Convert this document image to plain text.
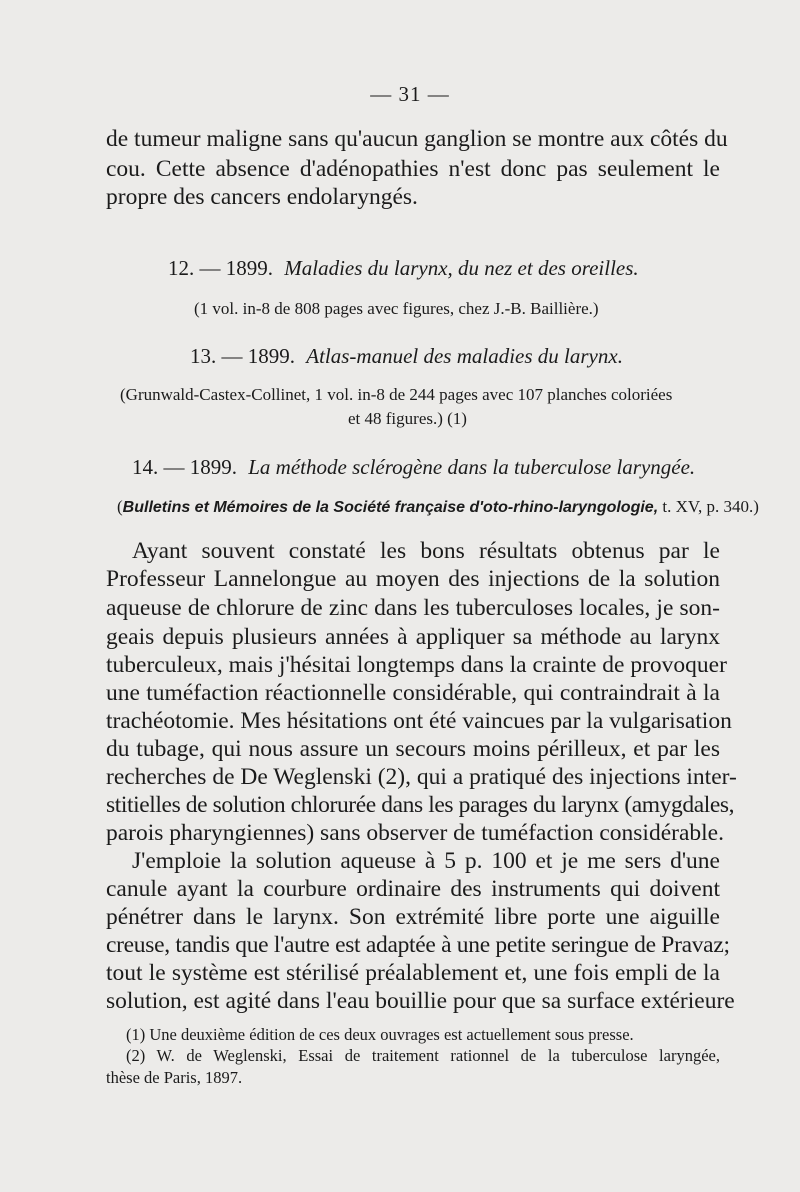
— 31 —
de tumeur maligne sans qu'aucun ganglion se montre aux côtés du
cou. Cette absence d'adénopathies n'est donc pas seulement le
propre des cancers endolaryngés.
12. — 1899. Maladies du larynx, du nez et des oreilles.
(1 vol. in-8 de 808 pages avec figures, chez J.-B. Baillière.)
13. — 1899. Atlas-manuel des maladies du larynx.
(Grunwald-Castex-Collinet, 1 vol. in-8 de 244 pages avec 107 planches coloriées
et 48 figures.) (1)
14. — 1899. La méthode sclérogène dans la tuberculose laryngée.
(Bulletins et Mémoires de la Société française d'oto-rhino-laryngologie, t. XV, p. 340.)
Ayant souvent constaté les bons résultats obtenus par le
Professeur Lannelongue au moyen des injections de la solution
aqueuse de chlorure de zinc dans les tuberculoses locales, je son-
geais depuis plusieurs années à appliquer sa méthode au larynx
tuberculeux, mais j'hésitai longtemps dans la crainte de provoquer
une tuméfaction réactionnelle considérable, qui contraindrait à la
trachéotomie. Mes hésitations ont été vaincues par la vulgarisation
du tubage, qui nous assure un secours moins périlleux, et par les
recherches de De Weglenski (2), qui a pratiqué des injections inter-
stitielles de solution chlorurée dans les parages du larynx (amygdales,
parois pharyngiennes) sans observer de tuméfaction considérable.
J'emploie la solution aqueuse à 5 p. 100 et je me sers d'une
canule ayant la courbure ordinaire des instruments qui doivent
pénétrer dans le larynx. Son extrémité libre porte une aiguille
creuse, tandis que l'autre est adaptée à une petite seringue de Pravaz;
tout le système est stérilisé préalablement et, une fois empli de la
solution, est agité dans l'eau bouillie pour que sa surface extérieure
(1) Une deuxième édition de ces deux ouvrages est actuellement sous presse.
(2) W. de Weglenski, Essai de traitement rationnel de la tuberculose laryngée,
thèse de Paris, 1897.
